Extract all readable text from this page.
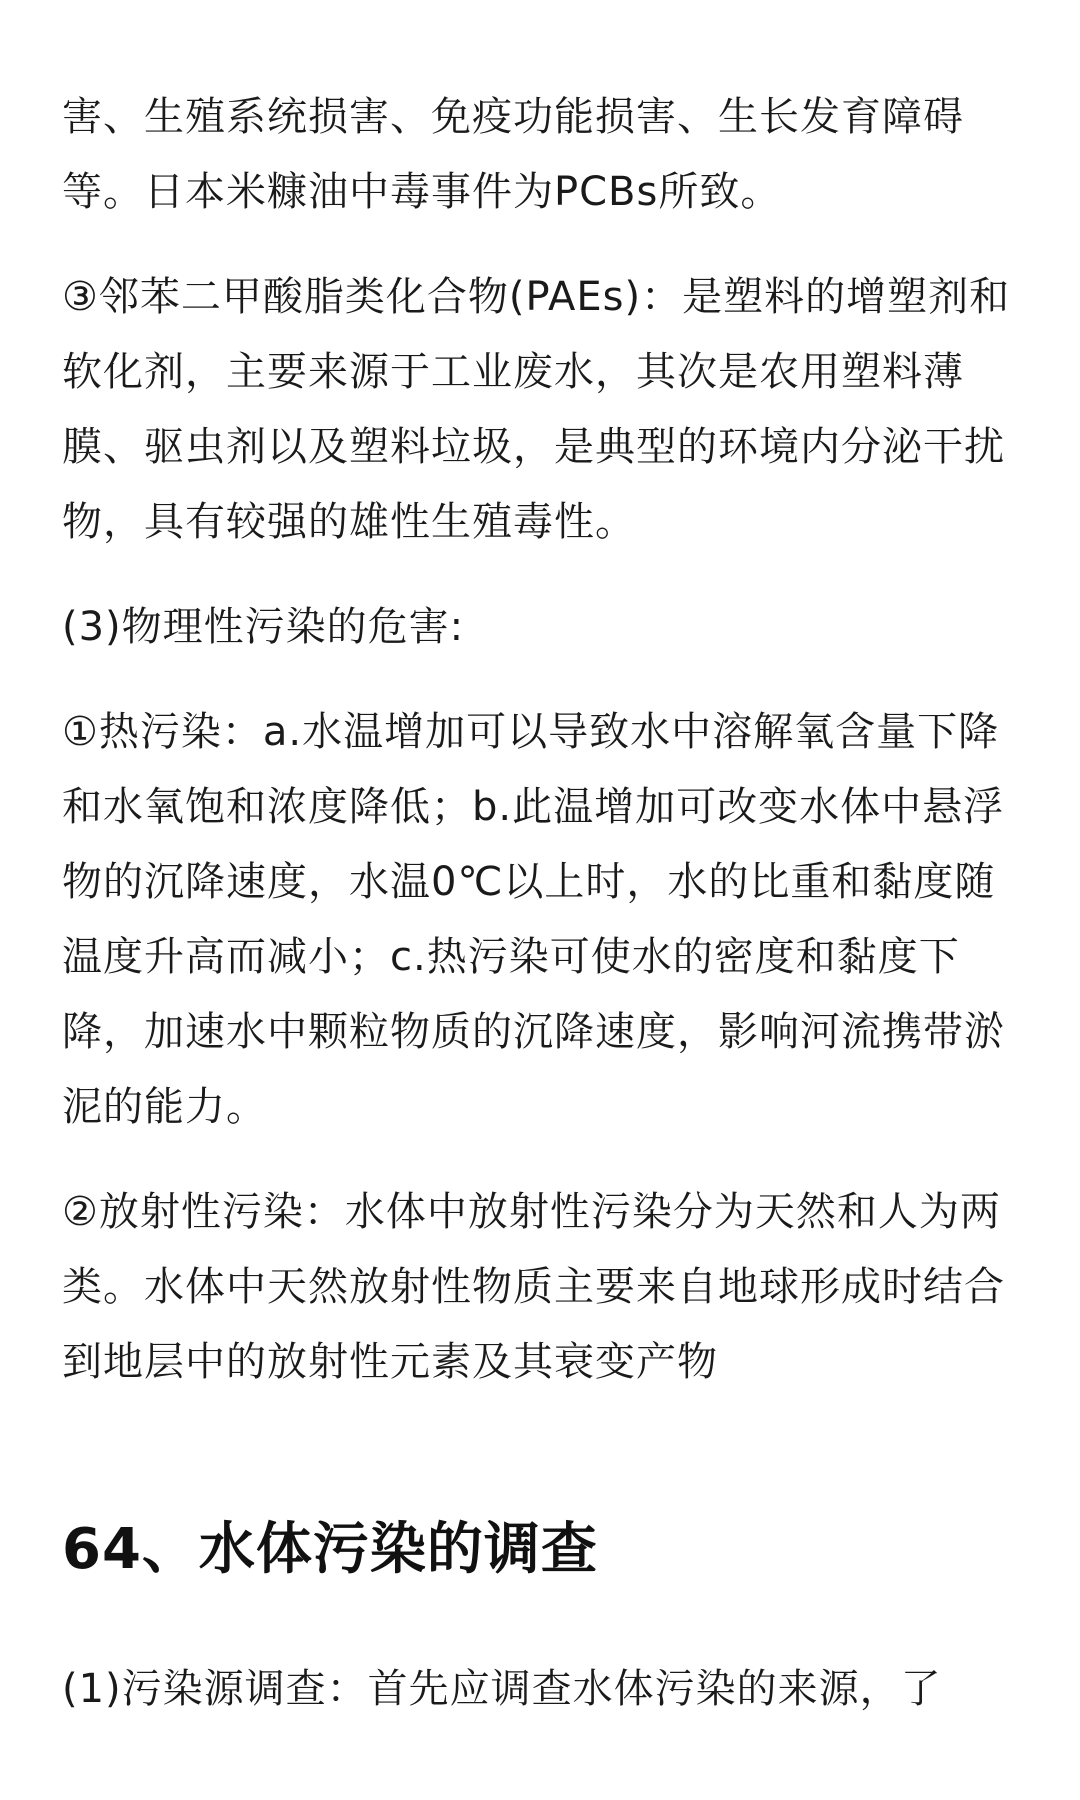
害、生殖系统损害、免疫功能损害、生长发育障碍等。日本米糠油中毒事件为PCBs所致。

③邻苯二甲酸脂类化合物(PAEs)：是塑料的增塑剂和软化剂，主要来源于工业废水，其次是农用塑料薄膜、驱虫剂以及塑料垃圾，是典型的环境内分泌干扰物，具有较强的雄性生殖毒性。

(3)物理性污染的危害:

①热污染：a.水温增加可以导致水中溶解氧含量下降和水氧饱和浓度降低；b.此温增加可改变水体中悬浮物的沉降速度，水温0℃以上时，水的比重和黏度随温度升高而减小；c.热污染可使水的密度和黏度下降，加速水中颗粒物质的沉降速度，影响河流携带淤泥的能力。

②放射性污染：水体中放射性污染分为天然和人为两类。水体中天然放射性物质主要来自地球形成时结合到地层中的放射性元素及其衰变产物

64、水体污染的调查

(1)污染源调查：首先应调查水体污染的来源，了
